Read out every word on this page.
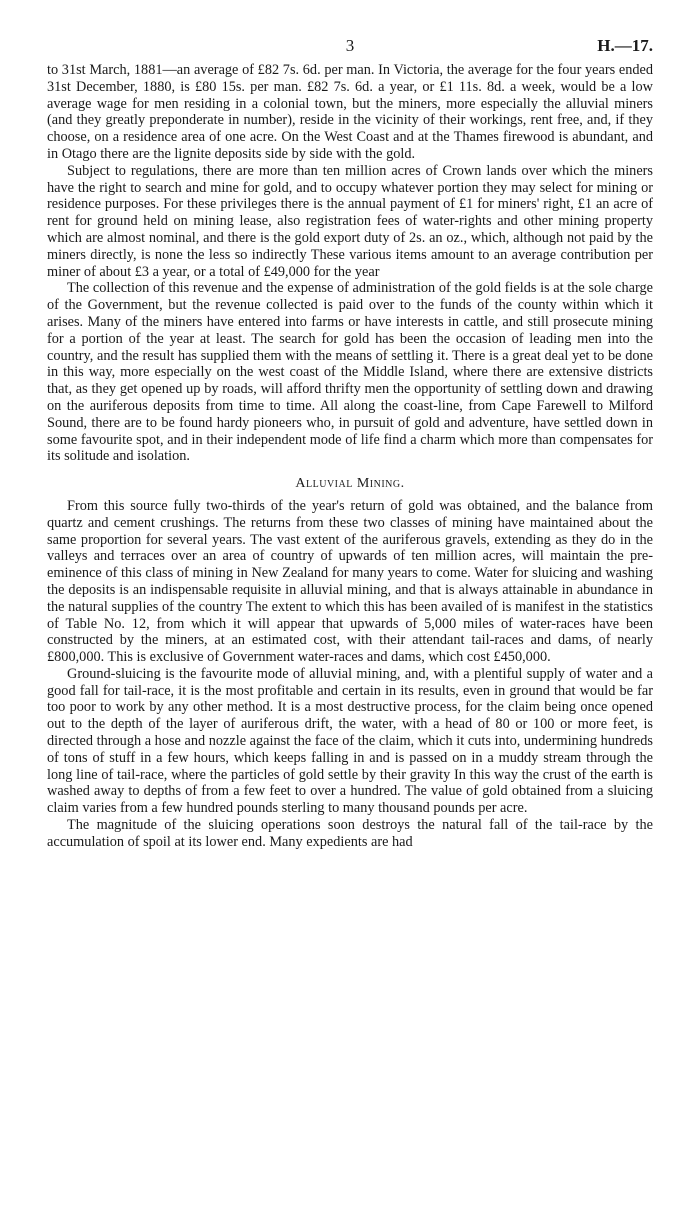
3	H.—17.

to 31st March, 1881—an average of £82 7s. 6d. per man. In Victoria, the average for the four years ended 31st December, 1880, is £80 15s. per man. £82 7s. 6d. a year, or £1 11s. 8d. a week, would be a low average wage for men residing in a colonial town, but the miners, more especially the alluvial miners (and they greatly preponderate in number), reside in the vicinity of their workings, rent free, and, if they choose, on a residence area of one acre. On the West Coast and at the Thames firewood is abundant, and in Otago there are the lignite deposits side by side with the gold.

Subject to regulations, there are more than ten million acres of Crown lands over which the miners have the right to search and mine for gold, and to occupy whatever portion they may select for mining or residence purposes. For these privileges there is the annual payment of £1 for miners' right, £1 an acre of rent for ground held on mining lease, also registration fees of water-rights and other mining property which are almost nominal, and there is the gold export duty of 2s. an oz., which, although not paid by the miners directly, is none the less so indirectly These various items amount to an average contribution per miner of about £3 a year, or a total of £49,000 for the year

The collection of this revenue and the expense of administration of the gold fields is at the sole charge of the Government, but the revenue collected is paid over to the funds of the county within which it arises. Many of the miners have entered into farms or have interests in cattle, and still prosecute mining for a portion of the year at least. The search for gold has been the occasion of leading men into the country, and the result has supplied them with the means of settling it. There is a great deal yet to be done in this way, more especially on the west coast of the Middle Island, where there are extensive districts that, as they get opened up by roads, will afford thrifty men the opportunity of settling down and drawing on the auriferous deposits from time to time. All along the coast-line, from Cape Farewell to Milford Sound, there are to be found hardy pioneers who, in pursuit of gold and adventure, have settled down in some favourite spot, and in their independent mode of life find a charm which more than compensates for its solitude and isolation.

Alluvial Mining.

From this source fully two-thirds of the year's return of gold was obtained, and the balance from quartz and cement crushings. The returns from these two classes of mining have maintained about the same proportion for several years. The vast extent of the auriferous gravels, extending as they do in the valleys and terraces over an area of country of upwards of ten million acres, will maintain the pre-eminence of this class of mining in New Zealand for many years to come. Water for sluicing and washing the deposits is an indispensable requisite in alluvial mining, and that is always attainable in abundance in the natural supplies of the country The extent to which this has been availed of is manifest in the statistics of Table No. 12, from which it will appear that upwards of 5,000 miles of water-races have been constructed by the miners, at an estimated cost, with their attendant tail-races and dams, of nearly £800,000. This is exclusive of Government water-races and dams, which cost £450,000.

Ground-sluicing is the favourite mode of alluvial mining, and, with a plentiful supply of water and a good fall for tail-race, it is the most profitable and certain in its results, even in ground that would be far too poor to work by any other method. It is a most destructive process, for the claim being once opened out to the depth of the layer of auriferous drift, the water, with a head of 80 or 100 or more feet, is directed through a hose and nozzle against the face of the claim, which it cuts into, undermining hundreds of tons of stuff in a few hours, which keeps falling in and is passed on in a muddy stream through the long line of tail-race, where the particles of gold settle by their gravity In this way the crust of the earth is washed away to depths of from a few feet to over a hundred. The value of gold obtained from a sluicing claim varies from a few hundred pounds sterling to many thousand pounds per acre.

The magnitude of the sluicing operations soon destroys the natural fall of the tail-race by the accumulation of spoil at its lower end. Many expedients are had
